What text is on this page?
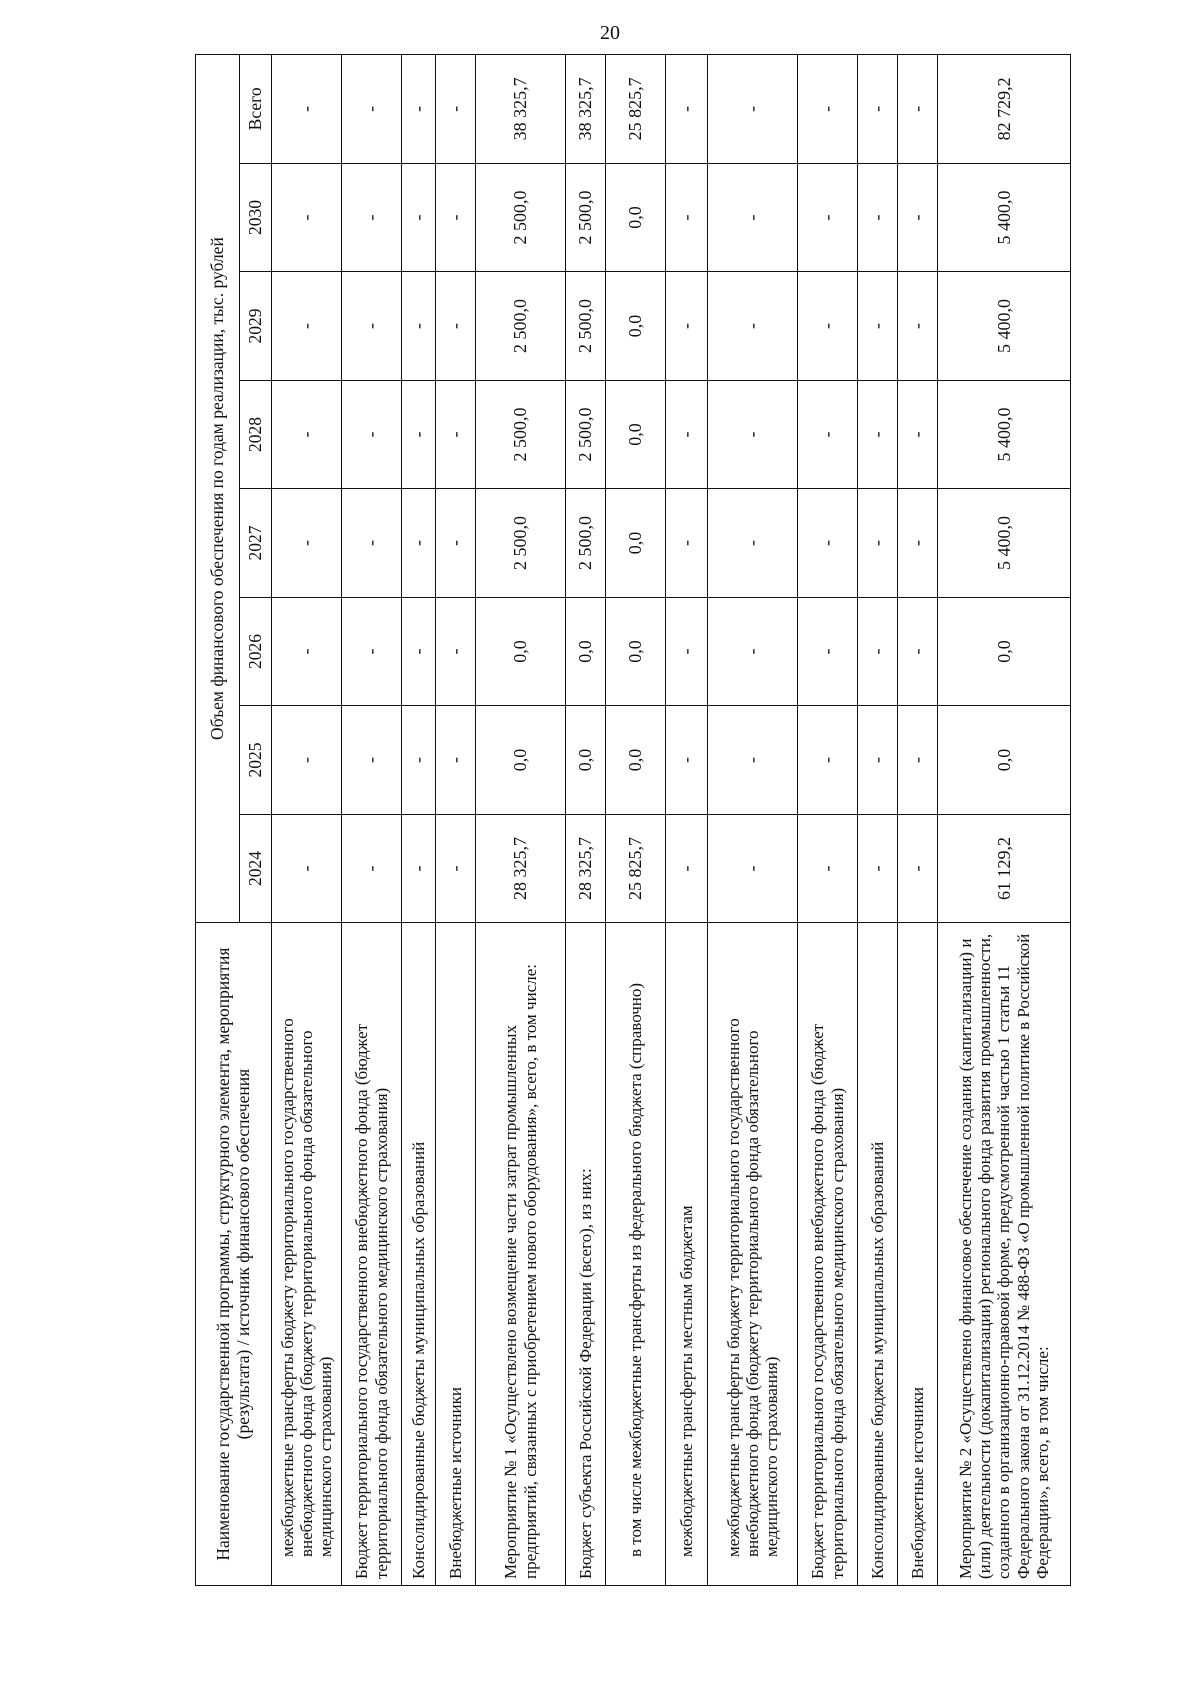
20
Наименование государственной программы, структурного элемента, мероприятия (результата) / источник финансового обеспечения	Объем финансового обеспечения по годам реализации, тыс. рублей							
	2024	2025	2026	2027	2028	2029	2030	Всего
межбюджетные трансферты бюджету территориального государственного внебюджетного фонда (бюджету территориального фонда обязательного медицинского страхования)	-	-	-	-	-	-	-	-
Бюджет территориального государственного внебюджетного фонда (бюджет территориального фонда обязательного медицинского страхования)	-	-	-	-	-	-	-	-
Консолидированные бюджеты муниципальных образований	-	-	-	-	-	-	-	-
Внебюджетные источники	-	-	-	-	-	-	-	-
Мероприятие № 1 «Осуществлено возмещение части затрат промышленных предприятий, связанных с приобретением нового оборудования», всего, в том числе:	28 325,7	0,0	0,0	2 500,0	2 500,0	2 500,0	2 500,0	38 325,7
Бюджет субъекта Российской Федерации (всего), из них:	28 325,7	0,0	0,0	2 500,0	2 500,0	2 500,0	2 500,0	38 325,7
в том числе межбюджетные трансферты из федерального бюджета (справочно)	25 825,7	0,0	0,0	0,0	0,0	0,0	0,0	25 825,7
межбюджетные трансферты местным бюджетам	-	-	-	-	-	-	-	-
межбюджетные трансферты бюджету территориального государственного внебюджетного фонда (бюджету территориального фонда обязательного медицинского страхования)	-	-	-	-	-	-	-	-
Бюджет территориального государственного внебюджетного фонда (бюджет территориального фонда обязательного медицинского страхования)	-	-	-	-	-	-	-	-
Консолидированные бюджеты муниципальных образований	-	-	-	-	-	-	-	-
Внебюджетные источники	-	-	-	-	-	-	-	-
Мероприятие № 2 «Осуществлено финансовое обеспечение создания (капитализации) и (или) деятельности (докапитализации) регионального фонда развития промышленности, созданного в организационно-правовой форме, предусмотренной частью 1 статьи 11 Федерального закона от 31.12.2014 № 488-ФЗ «О промышленной политике в Российской Федерации», всего, в том числе:	61 129,2	0,0	0,0	5 400,0	5 400,0	5 400,0	5 400,0	82 729,2
